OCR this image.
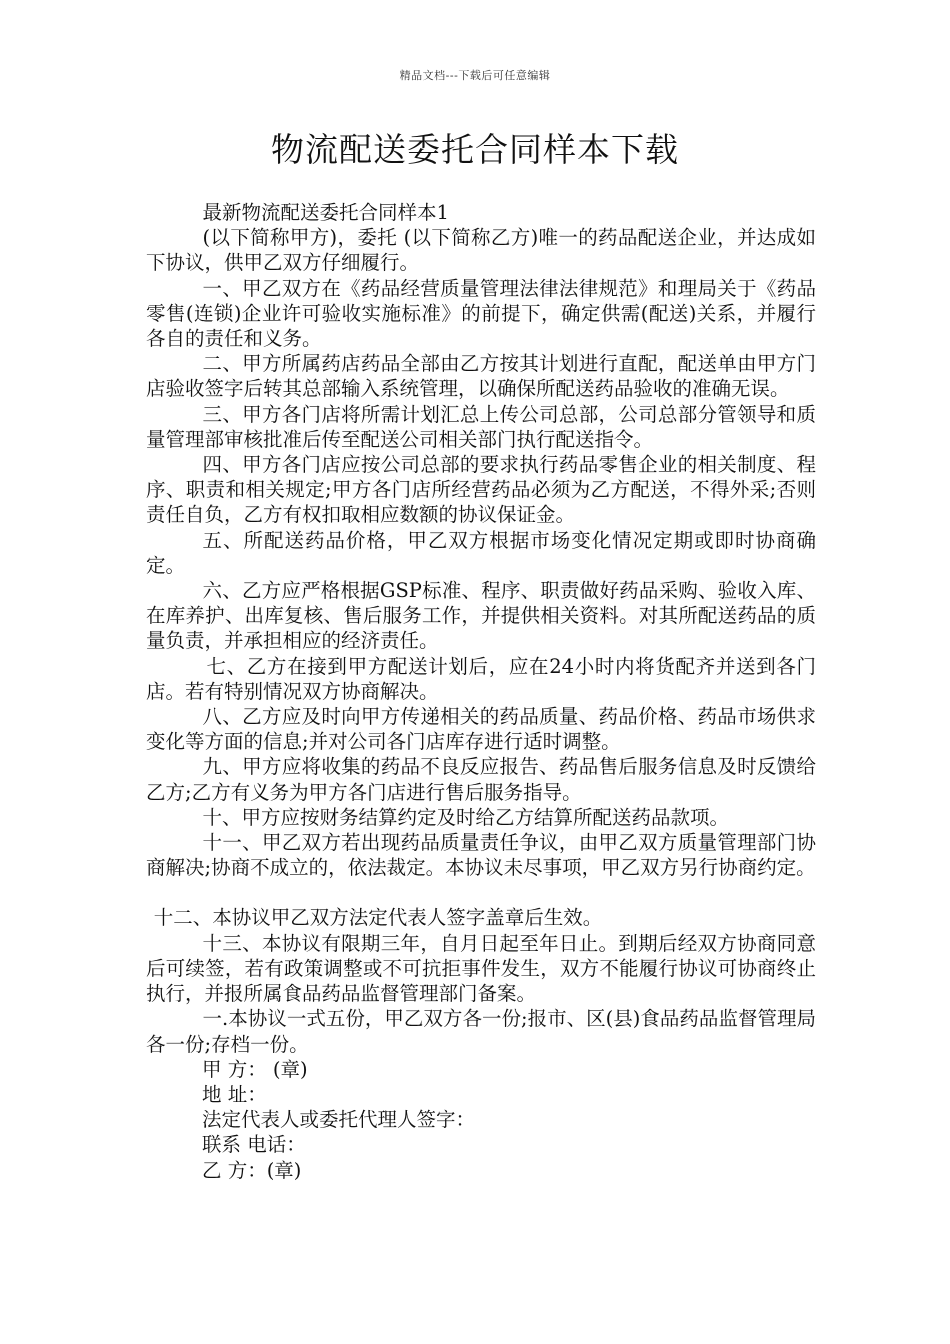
精品文档---下载后可任意编辑
物流配送委托合同样本下载

最新物流配送委托合同样本1

(以下简称甲方)，委托 (以下简称乙方)唯一的药品配送企业，并达成如下协议，供甲乙双方仔细履行。

一、甲乙双方在《药品经营质量管理法律法律规范》和理局关于《药品零售(连锁)企业许可验收实施标准》的前提下，确定供需(配送)关系，并履行各自的责任和义务。

二、甲方所属药店药品全部由乙方按其计划进行直配，配送单由甲方门店验收签字后转其总部输入系统管理，以确保所配送药品验收的准确无误。

三、甲方各门店将所需计划汇总上传公司总部，公司总部分管领导和质量管理部审核批准后传至配送公司相关部门执行配送指令。

四、甲方各门店应按公司总部的要求执行药品零售企业的相关制度、程序、职责和相关规定;甲方各门店所经营药品必须为乙方配送，不得外采;否则责任自负，乙方有权扣取相应数额的协议保证金。

五、所配送药品价格，甲乙双方根据市场变化情况定期或即时协商确定。

六、乙方应严格根据GSP标准、程序、职责做好药品采购、验收入库、在库养护、出库复核、售后服务工作，并提供相关资料。对其所配送药品的质量负责，并承担相应的经济责任。

七、乙方在接到甲方配送计划后，应在24小时内将货配齐并送到各门店。若有特别情况双方协商解决。

八、乙方应及时向甲方传递相关的药品质量、药品价格、药品市场供求变化等方面的信息;并对公司各门店库存进行适时调整。

九、甲方应将收集的药品不良反应报告、药品售后服务信息及时反馈给乙方;乙方有义务为甲方各门店进行售后服务指导。

十、甲方应按财务结算约定及时给乙方结算所配送药品款项。

十一、甲乙双方若出现药品质量责任争议，由甲乙双方质量管理部门协商解决;协商不成立的，依法裁定。本协议未尽事项，甲乙双方另行协商约定。

十二、本协议甲乙双方法定代表人签字盖章后生效。

十三、本协议有限期三年，自月日起至年日止。到期后经双方协商同意后可续签，若有政策调整或不可抗拒事件发生，双方不能履行协议可协商终止执行，并报所属食品药品监督管理部门备案。

一.本协议一式五份，甲乙双方各一份;报市、区(县)食品药品监督管理局各一份;存档一份。

甲 方： (章)
地 址：
法定代表人或委托代理人签字：
联系 电话：
乙 方：(章)
